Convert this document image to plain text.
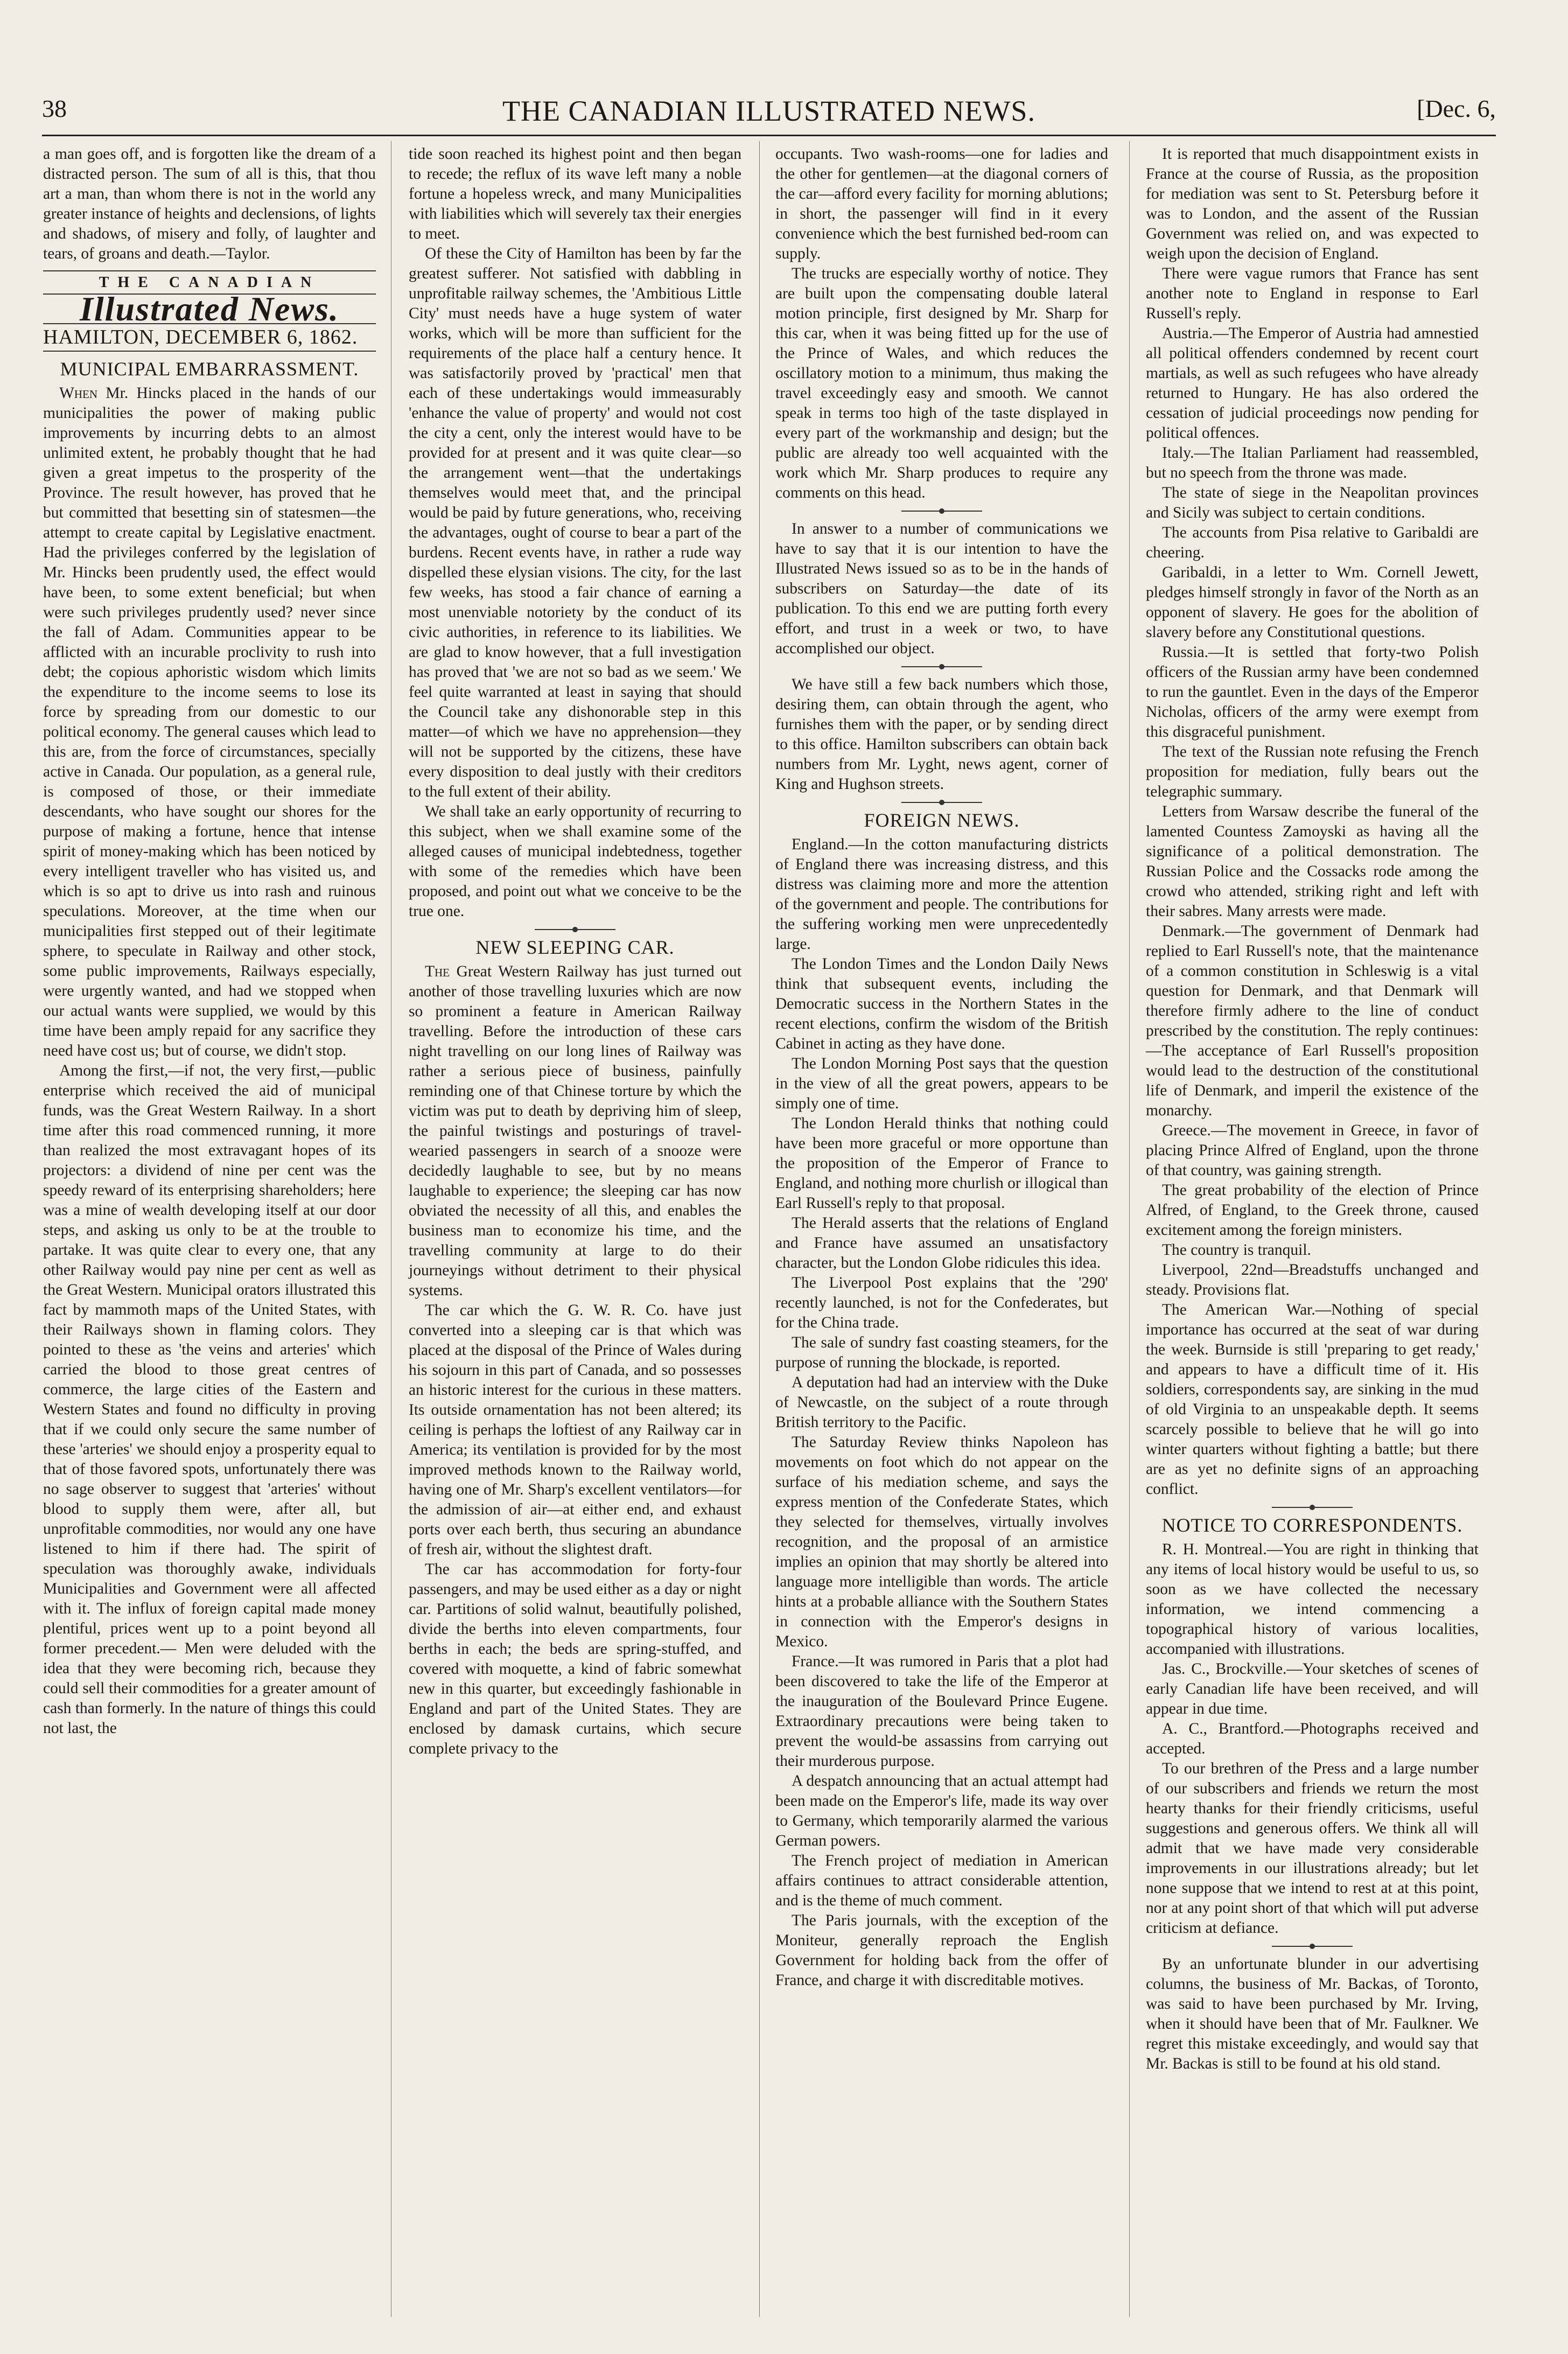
38	THE CANADIAN ILLUSTRATED NEWS.	[Dec. 6,

a man goes off, and is forgotten like the dream of a distracted person. The sum of all is this, that thou art a man, than whom there is not in the world any greater instance of heights and declensions, of lights and shadows, of misery and folly, of laughter and tears, of groans and death.—Taylor.

THE CANADIAN
Illustrated News.
HAMILTON, DECEMBER 6, 1862.
MUNICIPAL EMBARRASSMENT.

When Mr. Hincks placed in the hands of our municipalities the power of making public improvements by incurring debts to an almost unlimited extent, he probably thought that he had given a great impetus to the prosperity of the Province. The result however, has proved that he but committed that besetting sin of statesmen—the attempt to create capital by Legislative enactment. Had the privileges conferred by the legislation of Mr. Hincks been prudently used, the effect would have been, to some extent beneficial; but when were such privileges prudently used? never since the fall of Adam. Communities appear to be afflicted with an incurable proclivity to rush into debt; the copious aphoristic wisdom which limits the expenditure to the income seems to lose its force by spreading from our domestic to our political economy. The general causes which lead to this are, from the force of circumstances, specially active in Canada. Our population, as a general rule, is composed of those, or their immediate descendants, who have sought our shores for the purpose of making a fortune, hence that intense spirit of money-making which has been noticed by every intelligent traveller who has visited us, and which is so apt to drive us into rash and ruinous speculations. Moreover, at the time when our municipalities first stepped out of their legitimate sphere, to speculate in Railway and other stock, some public improvements, Railways especially, were urgently wanted, and had we stopped when our actual wants were supplied, we would by this time have been amply repaid for any sacrifice they need have cost us; but of course, we didn't stop.

Among the first,—if not, the very first,—public enterprise which received the aid of municipal funds, was the Great Western Railway. In a short time after this road commenced running, it more than realized the most extravagant hopes of its projectors: a dividend of nine per cent was the speedy reward of its enterprising shareholders; here was a mine of wealth developing itself at our door steps, and asking us only to be at the trouble to partake. It was quite clear to every one, that any other Railway would pay nine per cent as well as the Great Western. Municipal orators illustrated this fact by mammoth maps of the United States, with their Railways shown in flaming colors. They pointed to these as 'the veins and arteries' which carried the blood to those great centres of commerce, the large cities of the Eastern and Western States and found no difficulty in proving that if we could only secure the same number of these 'arteries' we should enjoy a prosperity equal to that of those favored spots, unfortunately there was no sage observer to suggest that 'arteries' without blood to supply them were, after all, but unprofitable commodities, nor would any one have listened to him if there had. The spirit of speculation was thoroughly awake, individuals Municipalities and Government were all affected with it. The influx of foreign capital made money plentiful, prices went up to a point beyond all former precedent.— Men were deluded with the idea that they were becoming rich, because they could sell their commodities for a greater amount of cash than formerly. In the nature of things this could not last, the

tide soon reached its highest point and then began to recede; the reflux of its wave left many a noble fortune a hopeless wreck, and many Municipalities with liabilities which will severely tax their energies to meet.

Of these the City of Hamilton has been by far the greatest sufferer. Not satisfied with dabbling in unprofitable railway schemes, the 'Ambitious Little City' must needs have a huge system of water works, which will be more than sufficient for the requirements of the place half a century hence. It was satisfactorily proved by 'practical' men that each of these undertakings would immeasurably 'enhance the value of property' and would not cost the city a cent, only the interest would have to be provided for at present and it was quite clear—so the arrangement went—that the undertakings themselves would meet that, and the principal would be paid by future generations, who, receiving the advantages, ought of course to bear a part of the burdens. Recent events have, in rather a rude way dispelled these elysian visions. The city, for the last few weeks, has stood a fair chance of earning a most unenviable notoriety by the conduct of its civic authorities, in reference to its liabilities. We are glad to know however, that a full investigation has proved that 'we are not so bad as we seem.' We feel quite warranted at least in saying that should the Council take any dishonorable step in this matter—of which we have no apprehension—they will not be supported by the citizens, these have every disposition to deal justly with their creditors to the full extent of their ability.

We shall take an early opportunity of recurring to this subject, when we shall examine some of the alleged causes of municipal indebtedness, together with some of the remedies which have been proposed, and point out what we conceive to be the true one.

NEW SLEEPING CAR.

The Great Western Railway has just turned out another of those travelling luxuries which are now so prominent a feature in American Railway travelling. Before the introduction of these cars night travelling on our long lines of Railway was rather a serious piece of business, painfully reminding one of that Chinese torture by which the victim was put to death by depriving him of sleep, the painful twistings and posturings of travel-wearied passengers in search of a snooze were decidedly laughable to see, but by no means laughable to experience; the sleeping car has now obviated the necessity of all this, and enables the business man to economize his time, and the travelling community at large to do their journeyings without detriment to their physical systems.

The car which the G. W. R. Co. have just converted into a sleeping car is that which was placed at the disposal of the Prince of Wales during his sojourn in this part of Canada, and so possesses an historic interest for the curious in these matters. Its outside ornamentation has not been altered; its ceiling is perhaps the loftiest of any Railway car in America; its ventilation is provided for by the most improved methods known to the Railway world, having one of Mr. Sharp's excellent ventilators—for the admission of air—at either end, and exhaust ports over each berth, thus securing an abundance of fresh air, without the slightest draft.

The car has accommodation for forty-four passengers, and may be used either as a day or night car. Partitions of solid walnut, beautifully polished, divide the berths into eleven compartments, four berths in each; the beds are spring-stuffed, and covered with moquette, a kind of fabric somewhat new in this quarter, but exceedingly fashionable in England and part of the United States. They are enclosed by damask curtains, which secure complete privacy to the

occupants. Two wash-rooms—one for ladies and the other for gentlemen—at the diagonal corners of the car—afford every facility for morning ablutions; in short, the passenger will find in it every convenience which the best furnished bed-room can supply.

The trucks are especially worthy of notice. They are built upon the compensating double lateral motion principle, first designed by Mr. Sharp for this car, when it was being fitted up for the use of the Prince of Wales, and which reduces the oscillatory motion to a minimum, thus making the travel exceedingly easy and smooth. We cannot speak in terms too high of the taste displayed in every part of the workmanship and design; but the public are already too well acquainted with the work which Mr. Sharp produces to require any comments on this head.

In answer to a number of communications we have to say that it is our intention to have the Illustrated News issued so as to be in the hands of subscribers on Saturday—the date of its publication. To this end we are putting forth every effort, and trust in a week or two, to have accomplished our object.

We have still a few back numbers which those, desiring them, can obtain through the agent, who furnishes them with the paper, or by sending direct to this office. Hamilton subscribers can obtain back numbers from Mr. Lyght, news agent, corner of King and Hughson streets.

FOREIGN NEWS.

England.—In the cotton manufacturing districts of England there was increasing distress, and this distress was claiming more and more the attention of the government and people. The contributions for the suffering working men were unprecedentedly large.

The London Times and the London Daily News think that subsequent events, including the Democratic success in the Northern States in the recent elections, confirm the wisdom of the British Cabinet in acting as they have done.

The London Morning Post says that the question in the view of all the great powers, appears to be simply one of time.

The London Herald thinks that nothing could have been more graceful or more opportune than the proposition of the Emperor of France to England, and nothing more churlish or illogical than Earl Russell's reply to that proposal.

The Herald asserts that the relations of England and France have assumed an unsatisfactory character, but the London Globe ridicules this idea.

The Liverpool Post explains that the '290' recently launched, is not for the Confederates, but for the China trade.

The sale of sundry fast coasting steamers, for the purpose of running the blockade, is reported.

A deputation had had an interview with the Duke of Newcastle, on the subject of a route through British territory to the Pacific.

The Saturday Review thinks Napoleon has movements on foot which do not appear on the surface of his mediation scheme, and says the express mention of the Confederate States, which they selected for themselves, virtually involves recognition, and the proposal of an armistice implies an opinion that may shortly be altered into language more intelligible than words. The article hints at a probable alliance with the Southern States in connection with the Emperor's designs in Mexico.

France.—It was rumored in Paris that a plot had been discovered to take the life of the Emperor at the inauguration of the Boulevard Prince Eugene. Extraordinary precautions were being taken to prevent the would-be assassins from carrying out their murderous purpose.

A despatch announcing that an actual attempt had been made on the Emperor's life, made its way over to Germany, which temporarily alarmed the various German powers.

The French project of mediation in American affairs continues to attract considerable attention, and is the theme of much comment.

The Paris journals, with the exception of the Moniteur, generally reproach the English Government for holding back from the offer of France, and charge it with discreditable motives.

It is reported that much disappointment exists in France at the course of Russia, as the proposition for mediation was sent to St. Petersburg before it was to London, and the assent of the Russian Government was relied on, and was expected to weigh upon the decision of England.

There were vague rumors that France has sent another note to England in response to Earl Russell's reply.

Austria.—The Emperor of Austria had amnestied all political offenders condemned by recent court martials, as well as such refugees who have already returned to Hungary. He has also ordered the cessation of judicial proceedings now pending for political offences.

Italy.—The Italian Parliament had reassembled, but no speech from the throne was made.

The state of siege in the Neapolitan provinces and Sicily was subject to certain conditions.

The accounts from Pisa relative to Garibaldi are cheering.

Garibaldi, in a letter to Wm. Cornell Jewett, pledges himself strongly in favor of the North as an opponent of slavery. He goes for the abolition of slavery before any Constitutional questions.

Russia.—It is settled that forty-two Polish officers of the Russian army have been condemned to run the gauntlet. Even in the days of the Emperor Nicholas, officers of the army were exempt from this disgraceful punishment.

The text of the Russian note refusing the French proposition for mediation, fully bears out the telegraphic summary.

Letters from Warsaw describe the funeral of the lamented Countess Zamoyski as having all the significance of a political demonstration. The Russian Police and the Cossacks rode among the crowd who attended, striking right and left with their sabres. Many arrests were made.

Denmark.—The government of Denmark had replied to Earl Russell's note, that the maintenance of a common constitution in Schleswig is a vital question for Denmark, and that Denmark will therefore firmly adhere to the line of conduct prescribed by the constitution. The reply continues:—The acceptance of Earl Russell's proposition would lead to the destruction of the constitutional life of Denmark, and imperil the existence of the monarchy.

Greece.—The movement in Greece, in favor of placing Prince Alfred of England, upon the throne of that country, was gaining strength.

The great probability of the election of Prince Alfred, of England, to the Greek throne, caused excitement among the foreign ministers.

The country is tranquil.

Liverpool, 22nd—Breadstuffs unchanged and steady. Provisions flat.

The American War.—Nothing of special importance has occurred at the seat of war during the week. Burnside is still 'preparing to get ready,' and appears to have a difficult time of it. His soldiers, correspondents say, are sinking in the mud of old Virginia to an unspeakable depth. It seems scarcely possible to believe that he will go into winter quarters without fighting a battle; but there are as yet no definite signs of an approaching conflict.

NOTICE TO CORRESPONDENTS.

R. H. Montreal.—You are right in thinking that any items of local history would be useful to us, so soon as we have collected the necessary information, we intend commencing a topographical history of various localities, accompanied with illustrations.

Jas. C., Brockville.—Your sketches of scenes of early Canadian life have been received, and will appear in due time.

A. C., Brantford.—Photographs received and accepted.

To our brethren of the Press and a large number of our subscribers and friends we return the most hearty thanks for their friendly criticisms, useful suggestions and generous offers. We think all will admit that we have made very considerable improvements in our illustrations already; but let none suppose that we intend to rest at at this point, nor at any point short of that which will put adverse criticism at defiance.

By an unfortunate blunder in our advertising columns, the business of Mr. Backas, of Toronto, was said to have been purchased by Mr. Irving, when it should have been that of Mr. Faulkner. We regret this mistake exceedingly, and would say that Mr. Backas is still to be found at his old stand.
